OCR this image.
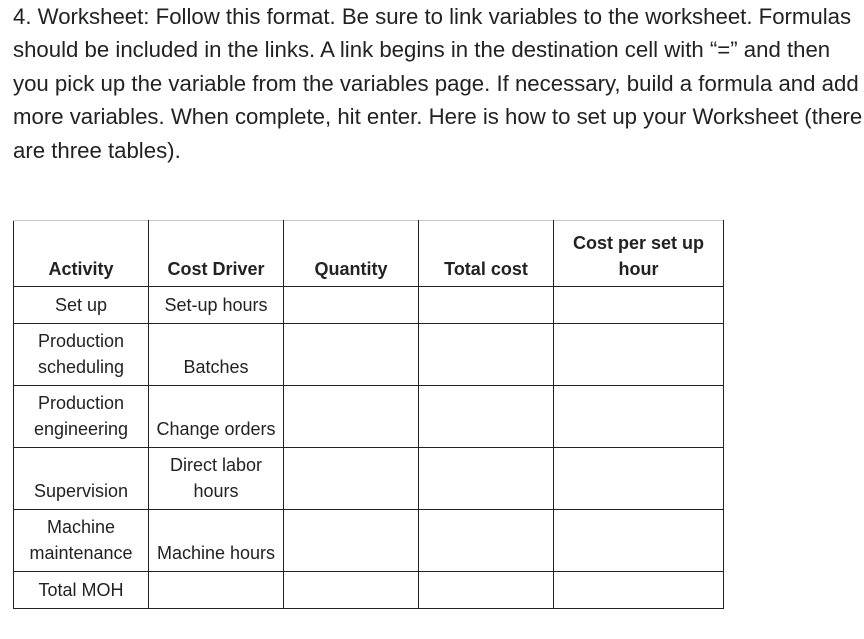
4. Worksheet: Follow this format. Be sure to link variables to the worksheet. Formulas should be included in the links. A link begins in the destination cell with “=” and then you pick up the variable from the variables page. If necessary, build a formula and add more variables. When complete, hit enter. Here is how to set up your Worksheet (there are three tables).
Activity	Cost Driver	Quantity	Total cost	Cost per set up hour
Set up	Set-up hours			
Production scheduling	Batches			
Production engineering	Change orders			
Supervision	Direct labor hours			
Machine maintenance	Machine hours			
Total MOH				
